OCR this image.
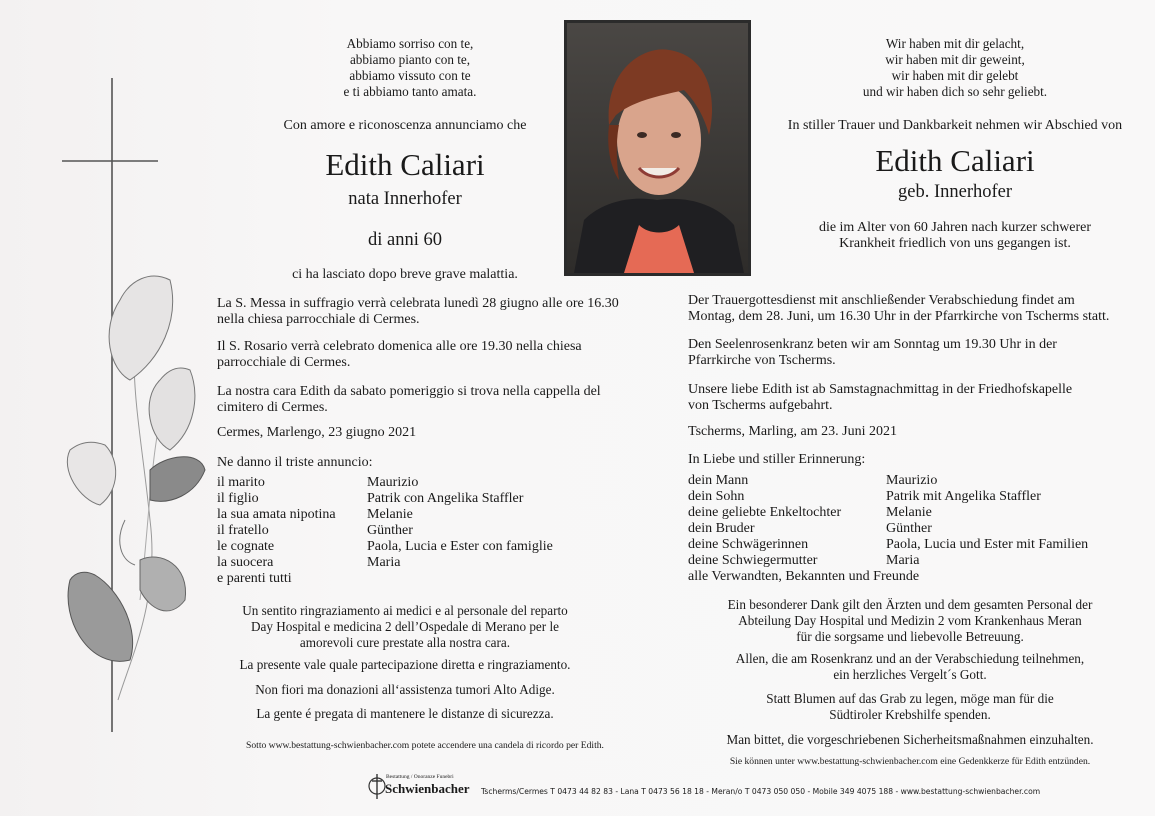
Abbiamo sorriso con te,
abbiamo pianto con te,
abbiamo vissuto con te
e ti abbiamo tanto amata.
Con amore e riconoscenza annunciamo che
Edith Caliari
nata Innerhofer
di anni 60
ci ha lasciato dopo breve grave malattia.
La S. Messa in suffragio verrà celebrata lunedì 28 giugno alle ore 16.30
nella chiesa parrocchiale di Cermes.
Il S. Rosario verrà celebrato domenica alle ore 19.30 nella chiesa
parrocchiale di Cermes.
La nostra cara Edith da sabato pomeriggio si trova nella cappella del
cimitero di Cermes.
Cermes, Marlengo, 23 giugno 2021
Ne danno il triste annuncio:
il marito
il figlio
la sua amata nipotina
il fratello
le cognate
la suocera
e parenti tutti
Maurizio
Patrik con Angelika Staffler
Melanie
Günther
Paola, Lucia e Ester con famiglie
Maria
Un sentito ringraziamento ai medici e al personale del reparto
Day Hospital e medicina 2 dell’Ospedale di Merano per le
amorevoli cure prestate alla nostra cara.
La presente vale quale partecipazione diretta e ringraziamento.
Non fiori ma donazioni all‘assistenza tumori Alto Adige.
La gente é pregata di mantenere le distanze di sicurezza.
Sotto www.bestattung-schwienbacher.com potete accendere una candela di ricordo per Edith.
Wir haben mit dir gelacht,
wir haben mit dir geweint,
wir haben mit dir gelebt
und wir haben dich so sehr geliebt.
In stiller Trauer und Dankbarkeit nehmen wir Abschied von
Edith Caliari
geb. Innerhofer
die im Alter von 60 Jahren nach kurzer schwerer
Krankheit friedlich von uns gegangen ist.
Der Trauergottesdienst mit anschließender Verabschiedung findet am
Montag, dem 28. Juni, um 16.30 Uhr in der Pfarrkirche von Tscherms statt.
Den Seelenrosenkranz beten wir am Sonntag um 19.30 Uhr in der
Pfarrkirche von Tscherms.
Unsere liebe Edith ist ab Samstagnachmittag in der Friedhofskapelle
von Tscherms aufgebahrt.
Tscherms, Marling, am 23. Juni 2021
In Liebe und stiller Erinnerung:
dein Mann
dein Sohn
deine geliebte Enkeltochter
dein Bruder
deine Schwägerinnen
deine Schwiegermutter
alle Verwandten, Bekannten und Freunde
Maurizio
Patrik mit Angelika Staffler
Melanie
Günther
Paola, Lucia und Ester mit Familien
Maria
Ein besonderer Dank gilt den Ärzten und dem gesamten Personal der
Abteilung Day Hospital und Medizin 2 vom Krankenhaus Meran
für die sorgsame und liebevolle Betreuung.
Allen, die am Rosenkranz und an der Verabschiedung teilnehmen,
ein herzliches Vergelt´s Gott.
Statt Blumen auf das Grab zu legen, möge man für die
Südtiroler Krebshilfe spenden.
Man bittet, die vorgeschriebenen Sicherheitsmaßnahmen einzuhalten.
Sie können unter www.bestattung-schwienbacher.com eine Gedenkkerze für Edith entzünden.
Bestattung / Onoranze Funebri
Schwienbacher Tscherms/Cermes T 0473 44 82 83 - Lana T 0473 56 18 18 - Meran/o T 0473 050 050 - Mobile 349 4075 188 - www.bestattung-schwienbacher.com
